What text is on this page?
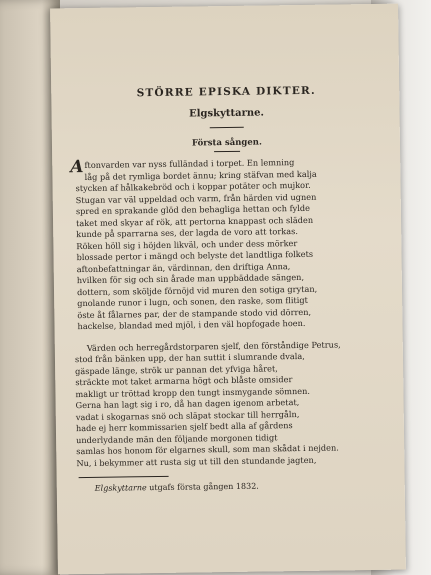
STÖRRE EPISKA DIKTER.
Elgskyttarne.
Första sången.
Aftonvarden var nyss fulländad i torpet. En lemning
låg på det rymliga bordet ännu; kring stäfvan med kalja
stycken af hålkakebröd och i koppar potäter och mujkor.
Stugan var väl uppeldad och varm, från härden vid ugnen
spred en sprakande glöd den behagliga hettan och fylde
taket med skyar af rök, att pertorna knappast och släden
kunde på sparrarna ses, der lagda de voro att torkas.
Röken höll sig i höjden likväl, och under dess mörker
blossade pertor i mängd och belyste det landtliga folkets
aftonbefattningar än, värdinnan, den driftiga Anna,
hvilken för sig och sin årade man uppbäddade sängen,
dottern, som sköljde förnöjd vid muren den sotiga grytan,
gnolande runor i lugn, och sonen, den raske, som flitigt
öste åt fålarnes par, der de stampande stodo vid dörren,
hackelse, blandad med mjöl, i den väl hopfogade hoen.
Värden och herregårdstorparen sjelf, den förståndige Petrus,
stod från bänken upp, der han suttit i slumrande dvala,
gäspade länge, strök ur pannan det yfviga håret,
sträckte mot taket armarna högt och blåste omsider
makligt ur tröttad kropp den tungt insmygande sömnen.
Gerna han lagt sig i ro, då han dagen igenom arbetat,
vadat i skogarnas snö och släpat stockar till herrgåln,
hade ej herr kommissarien sjelf bedt alla af gårdens
underlydande män den följande morgonen tidigt
samlas hos honom för elgarnes skull, som man skådat i nejden.
Nu, i bekymmer att rusta sig ut till den stundande jagten,
Elgskyttarne utgafs första gången 1832.
